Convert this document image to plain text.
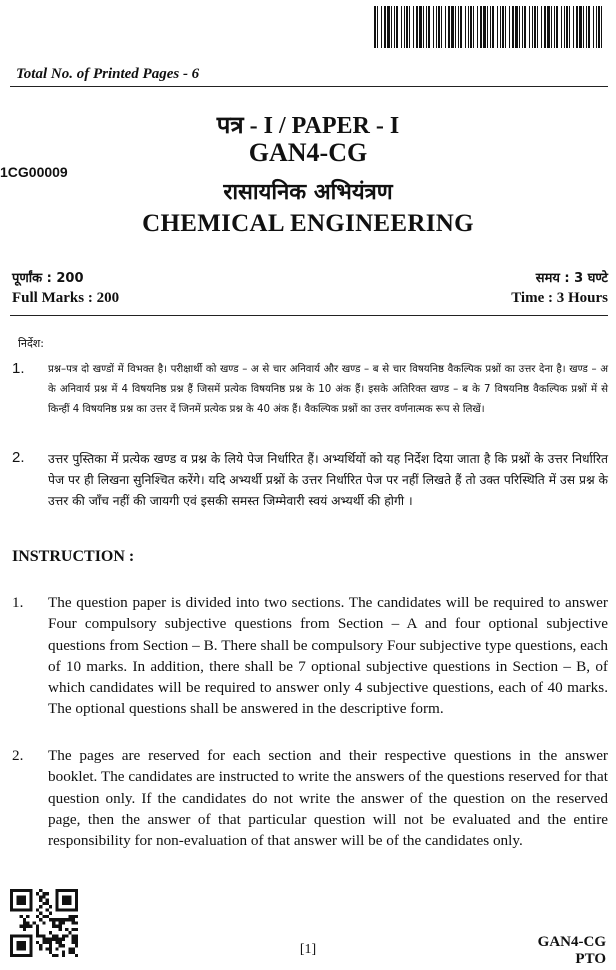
Total No. of Printed Pages - 6
पत्र - I / PAPER - I
1CG00009
GAN4-CG
रासायनिक अभियंत्रण
CHEMICAL ENGINEERING
पूर्णांक : 200	समय : 3 घण्टे
Full Marks : 200	Time : 3 Hours
निर्देश:
1. प्रश्न–पत्र दो खण्डों में विभक्त है। परीक्षार्थी को खण्ड – अ से चार अनिवार्य और खण्ड – ब से चार विषयनिष्ठ वैकल्पिक प्रश्नों का उत्तर देना है। खण्ड – अ के अनिवार्य प्रश्न में 4 विषयनिष्ठ प्रश्न हैं जिसमें प्रत्येक विषयनिष्ठ प्रश्न के 10 अंक हैं। इसके अतिरिक्त खण्ड – ब के 7 विषयनिष्ठ वैकल्पिक प्रश्नों में से किन्हीं 4 विषयनिष्ठ प्रश्न का उत्तर दें जिनमें प्रत्येक प्रश्न के 40 अंक हैं। वैकल्पिक प्रश्नों का उत्तर वर्णनात्मक रूप से लिखें।
2. उत्तर पुस्तिका में प्रत्येक खण्ड व प्रश्न के लिये पेज निर्धारित हैं। अभ्यर्थियों को यह निर्देश दिया जाता है कि प्रश्नों के उत्तर निर्धारित पेज पर ही लिखना सुनिश्चित करेंगे। यदि अभ्यर्थी प्रश्नों के उत्तर निर्धारित पेज पर नहीं लिखते हैं तो उक्त परिस्थिति में उस प्रश्न के उत्तर की जाँच नहीं की जायगी एवं इसकी समस्त जिम्मेवारी स्वयं अभ्यर्थी की होगी ।
INSTRUCTION :
1. The question paper is divided into two sections. The candidates will be required to answer Four compulsory subjective questions from Section – A and four optional subjective questions from Section – B. There shall be compulsory Four subjective type questions, each of 10 marks. In addition, there shall be 7 optional subjective questions in Section – B, of which candidates will be required to answer only 4 subjective questions, each of 40 marks. The optional questions shall be answered in the descriptive form.
2. The pages are reserved for each section and their respective questions in the answer booklet. The candidates are instructed to write the answers of the questions reserved for that question only. If the candidates do not write the answer of the question on the reserved page, then the answer of that particular question will not be evaluated and the entire responsibility for non-evaluation of that answer will be of the candidates only.
[1]	GAN4-CG
PTO
